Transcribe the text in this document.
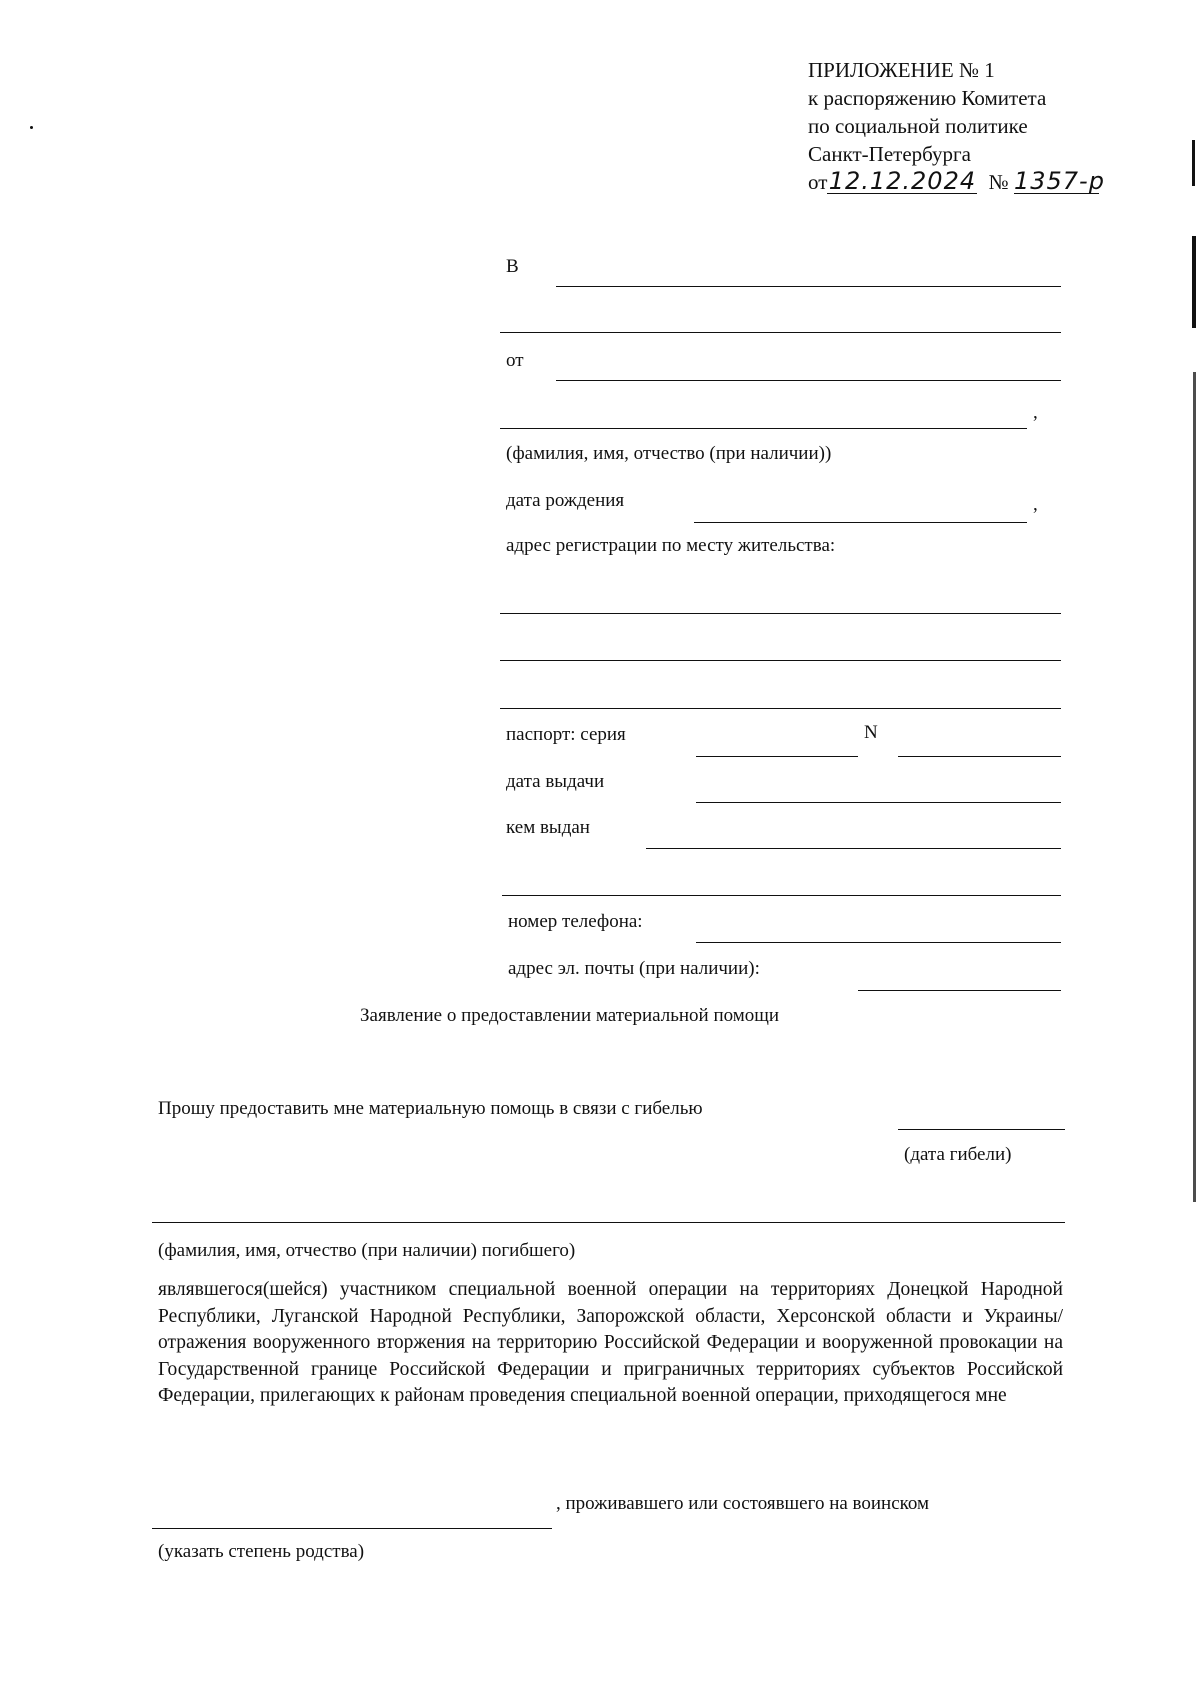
ПРИЛОЖЕНИЕ № 1
к распоряжению Комитета
по социальной политике
Санкт-Петербурга
от12.12.2024 № 1357-р
В
от
,
(фамилия, имя, отчество (при наличии))
дата рождения	,
адрес регистрации по месту жительства:
паспорт: серия	N
дата выдачи
кем выдан
номер телефона:
адрес эл. почты (при наличии):
Заявление о предоставлении материальной помощи
Прошу предоставить мне материальную помощь в связи с гибелью
(дата гибели)
(фамилия, имя, отчество (при наличии) погибшего)
являвшегося(шейся) участником специальной военной операции на территориях Донецкой Народной Республики, Луганской Народной Республики, Запорожской области, Херсонской области и Украины/отражения вооруженного вторжения на территорию Российской Федерации и вооруженной провокации на Государственной границе Российской Федерации и приграничных территориях субъектов Российской Федерации, прилегающих к районам проведения специальной военной операции, приходящегося мне
, проживавшего или состоявшего на воинском
(указать степень родства)
